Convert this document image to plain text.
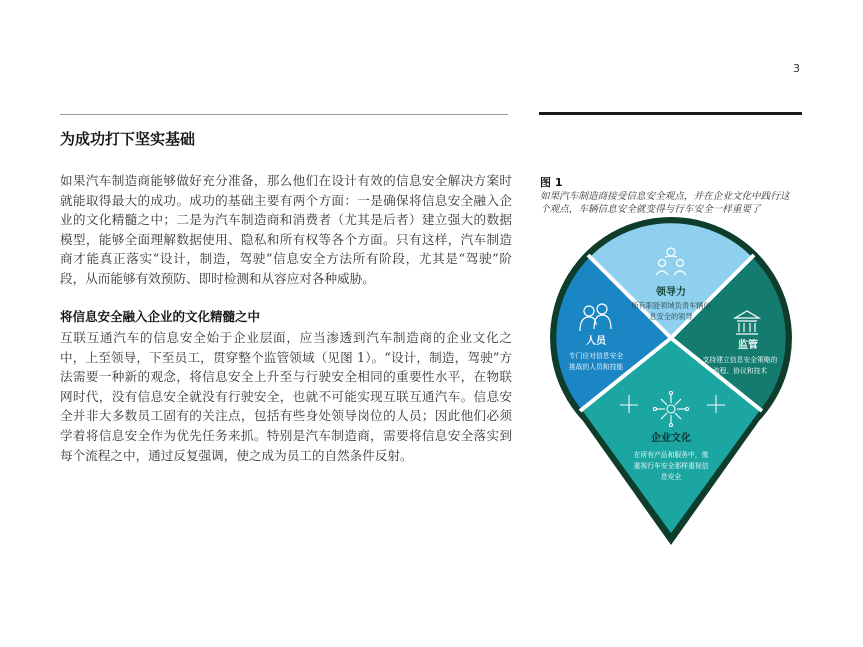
3
为成功打下坚实基础

如果汽车制造商能够做好充分准备，那么他们在设计有效的信息安全解决方案时就能取得最大的成功。成功的基础主要有两个方面：一是确保将信息安全融入企业的文化精髓之中；二是为汽车制造商和消费者（尤其是后者）建立强大的数据模型，能够全面理解数据使用、隐私和所有权等各个方面。只有这样，汽车制造商才能真正落实“设计，制造，驾驶”信息安全方法所有阶段，尤其是“驾驶”阶段，从而能够有效预防、即时检测和从容应对各种威胁。

将信息安全融入企业的文化精髓之中

互联互通汽车的信息安全始于企业层面，应当渗透到汽车制造商的企业文化之中，上至领导，下至员工，贯穿整个监管领域（见图 1）。“设计，制造，驾驶”方法需要一种新的观念，将信息安全上升至与行驶安全相同的重要性水平，在物联网时代，没有信息安全就没有行驶安全，也就不可能实现互联互通汽车。信息安全并非大多数员工固有的关注点，包括有些身处领导岗位的人员；因此他们必须学着将信息安全作为优先任务来抓。特别是汽车制造商，需要将信息安全落实到每个流程之中，通过反复强调，使之成为员工的自然条件反射。

图 1

如果汽车制造商接受信息安全观点，并在企业文化中践行这个观点，车辆信息安全就变得与行车安全一样重要了

领导力
所有职能领域负责车辆信
息安全的领导
人员
专门应对信息安全
挑战的人员和技能
监管
支持建立信息安全策略的
流程、协议和技术
企业文化
在所有产品和服务中，像
重视行车安全那样重视信
息安全
